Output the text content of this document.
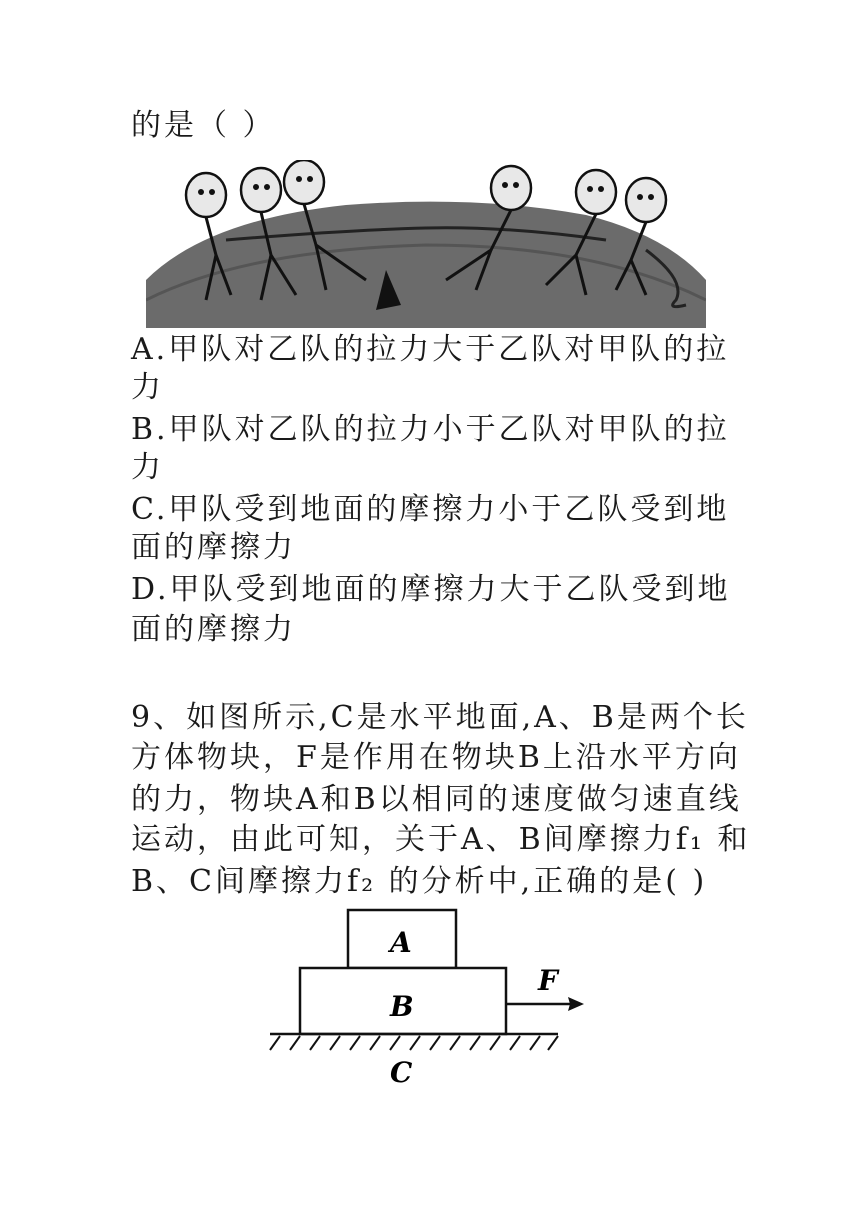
的是（ ）
A.甲队对乙队的拉力大于乙队对甲队的拉
力
B.甲队对乙队的拉力小于乙队对甲队的拉
力
C.甲队受到地面的摩擦力小于乙队受到地
面的摩擦力
D.甲队受到地面的摩擦力大于乙队受到地
面的摩擦力
9、如图所示,C是水平地面,A、B是两个长
方体物块，F是作用在物块B上沿水平方向
的力，物块A和B以相同的速度做匀速直线
运动，由此可知，关于A、B间摩擦力f₁ 和
B、C间摩擦力f₂ 的分析中,正确的是( )
A
B
F
C
